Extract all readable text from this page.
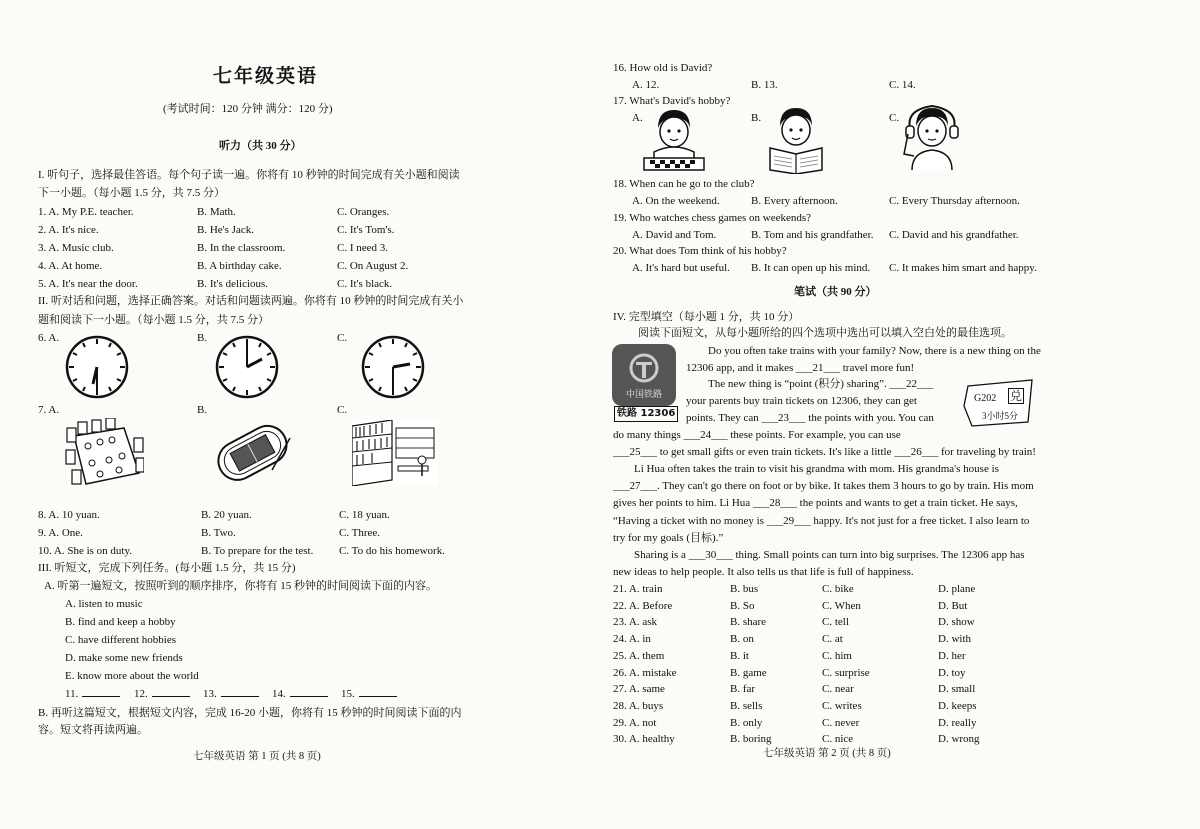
七年级英语
(考试时间：120 分钟 满分：120 分)
听力（共 30 分）
I. 听句子，选择最佳答语。每个句子读一遍。你将有 10 秒钟的时间完成有关小题和阅读
下一小题。（每小题 1.5 分，共 7.5 分）
1. A. My P.E. teacher.	B. Math.	C. Oranges.
2. A. It's nice.	B. He's Jack.	C. It's Tom's.
3. A. Music club.	B. In the classroom.	C. I need 3.
4. A. At home.	B. A birthday cake.	C. On August 2.
5. A. It's near the door.	B. It's delicious.	C. It's black.
II. 听对话和问题，选择正确答案。对话和问题读两遍。你将有 10 秒钟的时间完成有关小
题和阅读下一小题。（每小题 1.5 分，共 7.5 分）
6. A.	B.	C.
7. A.	B.	C.
8. A. 10 yuan.	B. 20 yuan.	C. 18 yuan.
9. A. One.	B. Two.	C. Three.
10. A. She is on duty.	B. To prepare for the test. C. To do his homework.
III. 听短文，完成下列任务。(每小题 1.5 分，共 15 分)
A. 听第一遍短文，按照听到的顺序排序，你将有 15 秒钟的时间阅读下面的内容。
A. listen to music
B. find and keep a hobby
C. have different hobbies
D. make some new friends
E. know more about the world
11.	12.	13.	14.	15.
B. 再听这篇短文，根据短文内容，完成 16-20 小题，你将有 15 秒钟的时间阅读下面的内
容。短文将再读两遍。
七年级英语 第 1 页 (共 8 页)
16. How old is David?
A. 12.	B. 13.	C. 14.
17. What's David's hobby?
A.	B.	C.
18. When can he go to the club?
A. On the weekend.	B. Every afternoon.	C. Every Thursday afternoon.
19. Who watches chess games on weekends?
A. David and Tom.	B. Tom and his grandfather. C. David and his grandfather.
20. What does Tom think of his hobby?
A. It's hard but useful. B. It can open up his mind. C. It makes him smart and happy.
笔试（共 90 分）
IV. 完型填空（每小题 1 分，共 10 分）
阅读下面短文，从每小题所给的四个选项中选出可以填入空白处的最佳选项。
中国铁路
铁路 12306
G202 兑
3小时5分
Do you often take trains with your family? Now, there is a new thing on the
12306 app, and it makes ___21___ travel more fun!
The new thing is “point (积分) sharing”. ___22___
your parents buy train tickets on 12306, they can get
points. They can ___23___ the points with you. You can
do many things ___24___ these points. For example, you can use
___25___ to get small gifts or even train tickets. It's like a little ___26___ for traveling by train!
Li Hua often takes the train to visit his grandma with mom. His grandma's house is
___27___. They can't go there on foot or by bike. It takes them 3 hours to go by train. His mom
gives her points to him. Li Hua ___28___ the points and wants to get a train ticket. He says,
“Having a ticket with no money is ___29___ happy. It's not just for a free ticket. I also learn to
try for my goals (目标).”
Sharing is a ___30___ thing. Small points can turn into big surprises. The 12306 app has
new ideas to help people. It also tells us that life is full of happiness.
21. A. train	B. bus	C. bike	D. plane
22. A. Before	B. So	C. When	D. But
23. A. ask	B. share	C. tell	D. show
24. A. in	B. on	C. at	D. with
25. A. them	B. it	C. him	D. her
26. A. mistake	B. game	C. surprise	D. toy
27. A. same	B. far	C. near	D. small
28. A. buys	B. sells	C. writes	D. keeps
29. A. not	B. only	C. never	D. really
30. A. healthy	B. boring	C. nice	D. wrong
七年级英语 第 2 页 (共 8 页)
